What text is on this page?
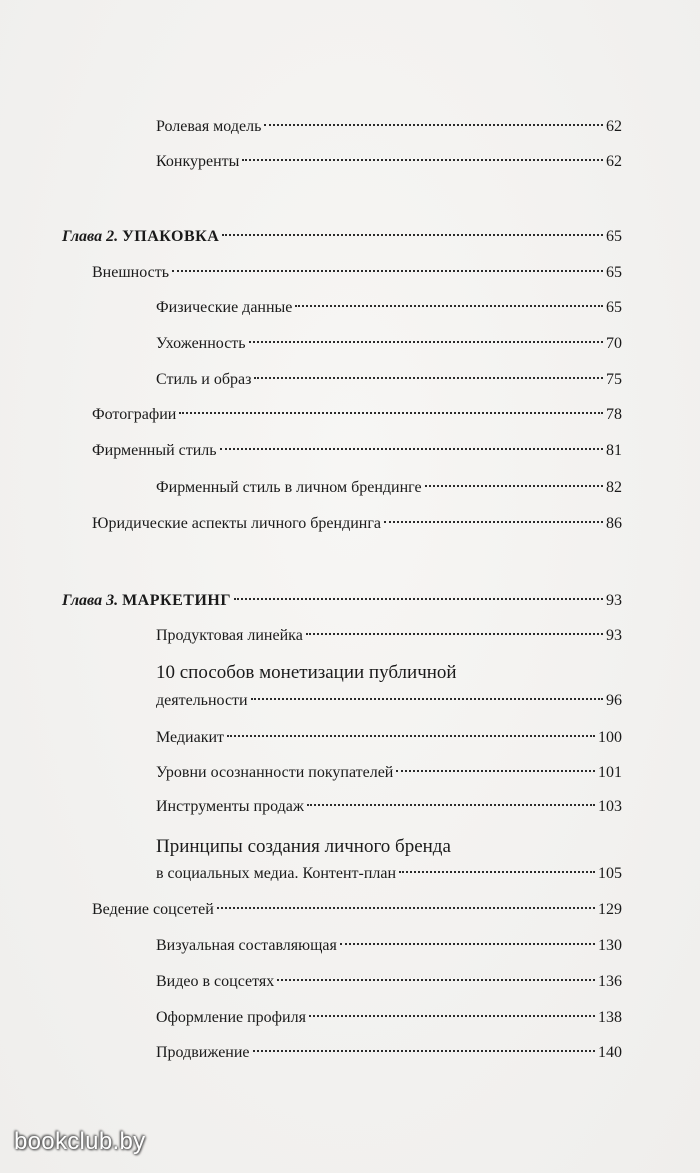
Ролевая модель	62
Конкуренты	62
Глава 2. УПАКОВКА	65
Внешность	65
Физические данные	65
Ухоженность	70
Стиль и образ	75
Фотографии	78
Фирменный стиль	81
Фирменный стиль в личном брендинге	82
Юридические аспекты личного брендинга	86
Глава 3. МАРКЕТИНГ	93
Продуктовая линейка	93
10 способов монетизации публичной
деятельности	96
Медиакит	100
Уровни осознанности покупателей	101
Инструменты продаж	103
Принципы создания личного бренда
в социальных медиа. Контент-план	105
Ведение соцсетей	129
Визуальная составляющая	130
Видео в соцсетях	136
Оформление профиля	138
Продвижение	140
bookclub.by
